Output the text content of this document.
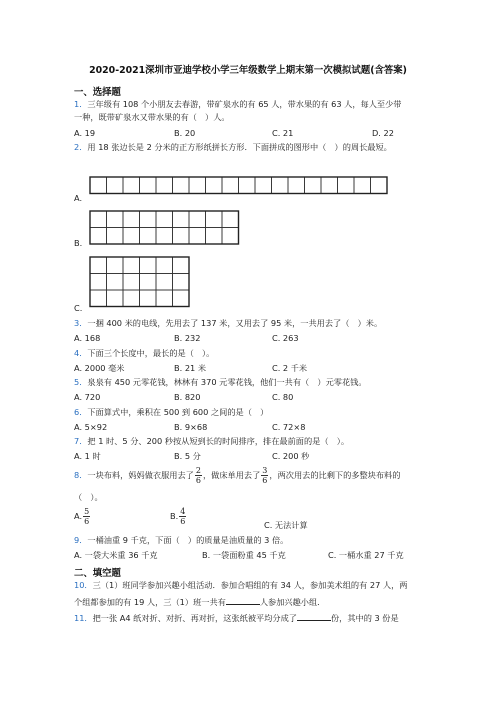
2020-2021深圳市亚迪学校小学三年级数学上期末第一次模拟试题(含答案)
一、选择题
1．三年级有 108 个小朋友去春游，带矿泉水的有 65 人，带水果的有 63 人，每人至少带
一种，既带矿泉水又带水果的有（　）人。
A. 19	B. 20	C. 21	D. 22
2．用 18 张边长是 2 分米的正方形纸拼长方形．下面拼成的图形中（　）的周长最短。
A.
B.
C.
3．一捆 400 米的电线，先用去了 137 米，又用去了 95 米，一共用去了（　）米。
A. 168	B. 232	C. 263
4．下面三个长度中，最长的是（　）。
A. 2000 毫米	B. 21 米	C. 2 千米
5．泉泉有 450 元零花钱，林林有 370 元零花钱，他们一共有（　）元零花钱。
A. 720	B. 820	C. 80
6．下面算式中，乘积在 500 到 600 之间的是（　）
A. 5×92	B. 9×68	C. 72×8
7．把 1 时、5 分、200 秒按从短到长的时间排序，排在最前面的是（　）。
A. 1 时	B. 5 分	C. 200 秒
8．一块布料，妈妈做衣服用去了 $\frac{2}{6}$ ，做床单用去了 $\frac{3}{6}$ ，两次用去的比剩下的多整块布料的
（　）。
A. $\frac{5}{6}$	B. $\frac{4}{6}$	C. 无法计算
9．一桶油重 9 千克，下面（　）的质量是油质量的 3 倍。
A. 一袋大米重 36 千克	B. 一袋面粉重 45 千克	C. 一桶水重 27 千克
二、填空题
10．三（1）班同学参加兴趣小组活动．参加合唱组的有 34 人，参加美术组的有 27 人，两
个组都参加的有 19 人，三（1）班一共有	人参加兴趣小组．
11．把一张 A4 纸对折、对折、再对折，这张纸被平均分成了	份，其中的 3 份是
